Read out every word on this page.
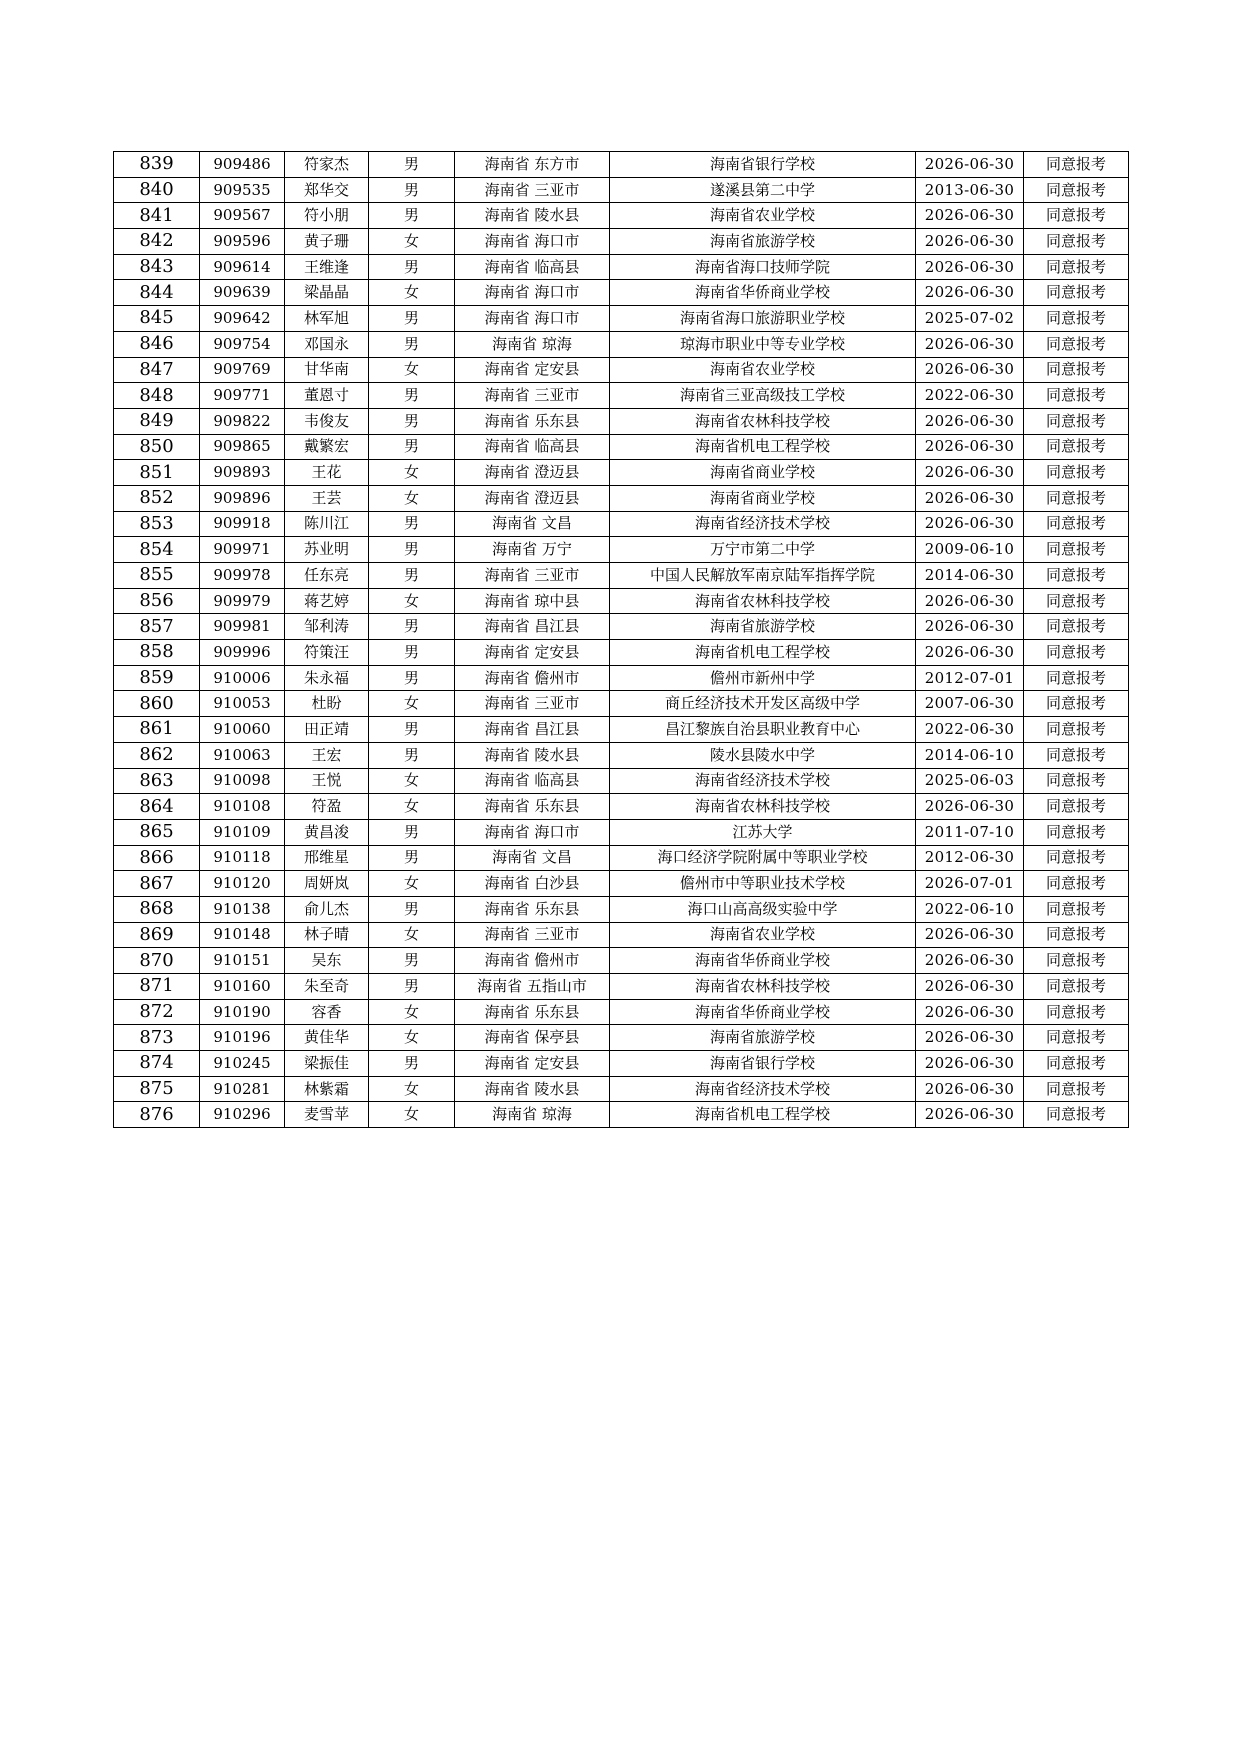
839	909486	符家杰	男	海南省 东方市	海南省银行学校	2026-06-30	同意报考
840	909535	郑华交	男	海南省 三亚市	遂溪县第二中学	2013-06-30	同意报考
841	909567	符小朋	男	海南省 陵水县	海南省农业学校	2026-06-30	同意报考
842	909596	黄子珊	女	海南省 海口市	海南省旅游学校	2026-06-30	同意报考
843	909614	王维逢	男	海南省 临高县	海南省海口技师学院	2026-06-30	同意报考
844	909639	梁晶晶	女	海南省 海口市	海南省华侨商业学校	2026-06-30	同意报考
845	909642	林军旭	男	海南省 海口市	海南省海口旅游职业学校	2025-07-02	同意报考
846	909754	邓国永	男	海南省 琼海	琼海市职业中等专业学校	2026-06-30	同意报考
847	909769	甘华南	女	海南省 定安县	海南省农业学校	2026-06-30	同意报考
848	909771	董恩寸	男	海南省 三亚市	海南省三亚高级技工学校	2022-06-30	同意报考
849	909822	韦俊友	男	海南省 乐东县	海南省农林科技学校	2026-06-30	同意报考
850	909865	戴繁宏	男	海南省 临高县	海南省机电工程学校	2026-06-30	同意报考
851	909893	王花	女	海南省 澄迈县	海南省商业学校	2026-06-30	同意报考
852	909896	王芸	女	海南省 澄迈县	海南省商业学校	2026-06-30	同意报考
853	909918	陈川江	男	海南省 文昌	海南省经济技术学校	2026-06-30	同意报考
854	909971	苏业明	男	海南省 万宁	万宁市第二中学	2009-06-10	同意报考
855	909978	任东亮	男	海南省 三亚市	中国人民解放军南京陆军指挥学院	2014-06-30	同意报考
856	909979	蒋艺婷	女	海南省 琼中县	海南省农林科技学校	2026-06-30	同意报考
857	909981	邹利涛	男	海南省 昌江县	海南省旅游学校	2026-06-30	同意报考
858	909996	符策汪	男	海南省 定安县	海南省机电工程学校	2026-06-30	同意报考
859	910006	朱永福	男	海南省 儋州市	儋州市新州中学	2012-07-01	同意报考
860	910053	杜盼	女	海南省 三亚市	商丘经济技术开发区高级中学	2007-06-30	同意报考
861	910060	田正靖	男	海南省 昌江县	昌江黎族自治县职业教育中心	2022-06-30	同意报考
862	910063	王宏	男	海南省 陵水县	陵水县陵水中学	2014-06-10	同意报考
863	910098	王悦	女	海南省 临高县	海南省经济技术学校	2025-06-03	同意报考
864	910108	符盈	女	海南省 乐东县	海南省农林科技学校	2026-06-30	同意报考
865	910109	黄昌浚	男	海南省 海口市	江苏大学	2011-07-10	同意报考
866	910118	邢维星	男	海南省 文昌	海口经济学院附属中等职业学校	2012-06-30	同意报考
867	910120	周妍岚	女	海南省 白沙县	儋州市中等职业技术学校	2026-07-01	同意报考
868	910138	俞儿杰	男	海南省 乐东县	海口山高高级实验中学	2022-06-10	同意报考
869	910148	林子晴	女	海南省 三亚市	海南省农业学校	2026-06-30	同意报考
870	910151	吴东	男	海南省 儋州市	海南省华侨商业学校	2026-06-30	同意报考
871	910160	朱至奇	男	海南省 五指山市	海南省农林科技学校	2026-06-30	同意报考
872	910190	容香	女	海南省 乐东县	海南省华侨商业学校	2026-06-30	同意报考
873	910196	黄佳华	女	海南省 保亭县	海南省旅游学校	2026-06-30	同意报考
874	910245	梁振佳	男	海南省 定安县	海南省银行学校	2026-06-30	同意报考
875	910281	林紫霜	女	海南省 陵水县	海南省经济技术学校	2026-06-30	同意报考
876	910296	麦雪苹	女	海南省 琼海	海南省机电工程学校	2026-06-30	同意报考
